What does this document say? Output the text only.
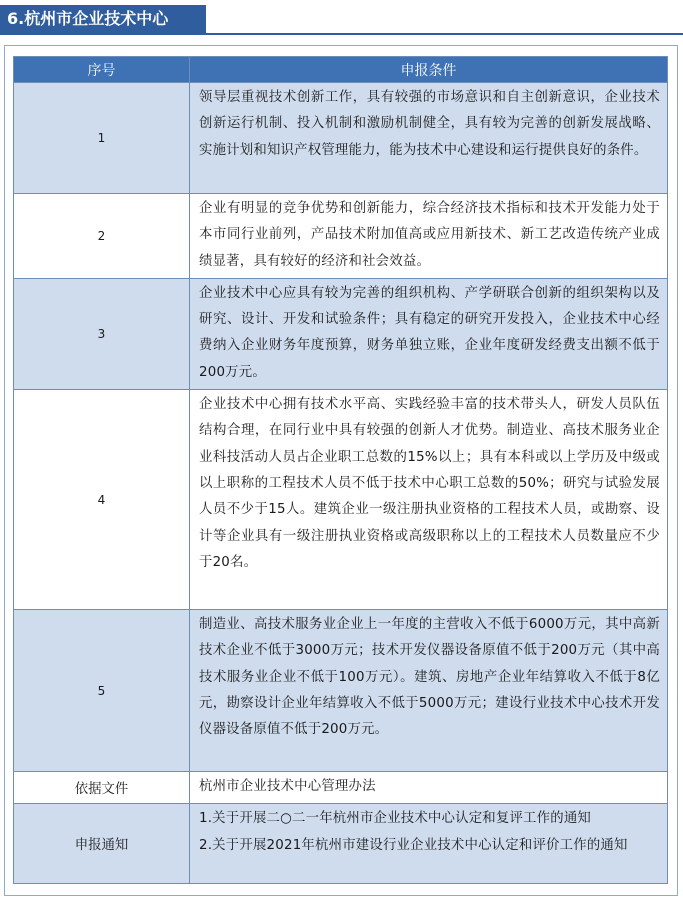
6.杭州市企业技术中心
序号	申报条件
1	领导层重视技术创新工作，具有较强的市场意识和自主创新意识，企业技术创新运行机制、投入机制和激励机制健全，具有较为完善的创新发展战略、实施计划和知识产权管理能力，能为技术中心建设和运行提供良好的条件。
2	企业有明显的竞争优势和创新能力，综合经济技术指标和技术开发能力处于本市同行业前列，产品技术附加值高或应用新技术、新工艺改造传统产业成绩显著，具有较好的经济和社会效益。
3	企业技术中心应具有较为完善的组织机构、产学研联合创新的组织架构以及研究、设计、开发和试验条件；具有稳定的研究开发投入，企业技术中心经费纳入企业财务年度预算，财务单独立账，企业年度研发经费支出额不低于200万元。
4	企业技术中心拥有技术水平高、实践经验丰富的技术带头人，研发人员队伍结构合理，在同行业中具有较强的创新人才优势。制造业、高技术服务业企业科技活动人员占企业职工总数的15%以上；具有本科或以上学历及中级或以上职称的工程技术人员不低于技术中心职工总数的50%；研究与试验发展人员不少于15人。建筑企业一级注册执业资格的工程技术人员，或勘察、设计等企业具有一级注册执业资格或高级职称以上的工程技术人员数量应不少于20名。
5	制造业、高技术服务业企业上一年度的主营收入不低于6000万元，其中高新技术企业不低于3000万元；技术开发仪器设备原值不低于200万元（其中高技术服务业企业不低于100万元）。建筑、房地产企业年结算收入不低于8亿元，勘察设计企业年结算收入不低于5000万元；建设行业技术中心技术开发仪器设备原值不低于200万元。
依据文件	杭州市企业技术中心管理办法
申报通知	1.关于开展二○二一年杭州市企业技术中心认定和复评工作的通知
2.关于开展2021年杭州市建设行业企业技术中心认定和评价工作的通知
